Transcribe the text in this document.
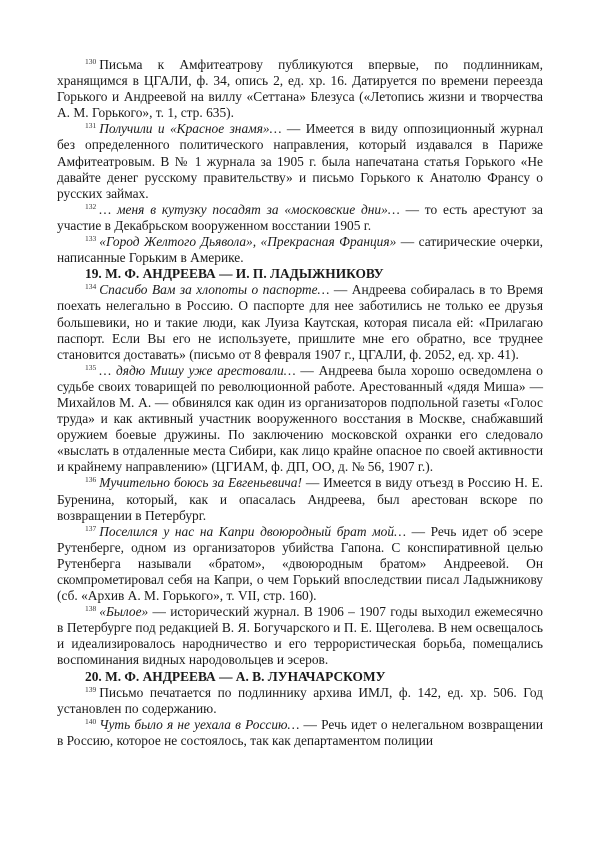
$^{130}$ Письма к Амфитеатрову публикуются впервые, по подлинникам, хранящимся в ЦГАЛИ, ф. 34, опись 2, ед. хр. 16. Датируется по времени переезда Горького и Андреевой на виллу «Сеттана» Блезуса («Летопись жизни и творчества А. М. Горького», т. 1, стр. 635).

$^{131}$ Получили и «Красное знамя»… — Имеется в виду оппозиционный журнал без определенного политического направления, который издавался в Париже Амфитеатровым. В № 1 журнала за 1905 г. была напечатана статья Горького «Не давайте денег русскому правительству» и письмо Горького к Анатолю Франсу о русских займах.

$^{132}$ … меня в кутузку посадят за «московские дни»… — то есть арестуют за участие в Декабрьском вооруженном восстании 1905 г.

$^{133}$ «Город Желтого Дьявола», «Прекрасная Франция» — сатирические очерки, написанные Горьким в Америке.

19. М. Ф. АНДРЕЕВА — И. П. ЛАДЫЖНИКОВУ

$^{134}$ Спасибо Вам за хлопоты о паспорте… — Андреева собиралась в то Время поехать нелегально в Россию. О паспорте для нее заботились не только ее друзья большевики, но и такие люди, как Луиза Каутская, которая писала ей: «Прилагаю паспорт. Если Вы его не используете, пришлите мне его обратно, все труднее становится доставать» (письмо от 8 февраля 1907 г., ЦГАЛИ, ф. 2052, ед. хр. 41).

$^{135}$ … дядю Мишу уже арестовали… — Андреева была хорошо осведомлена о судьбе своих товарищей по революционной работе. Арестованный «дядя Миша» — Михайлов М. А. — обвинялся как один из организаторов подпольной газеты «Голос труда» и как активный участник вооруженного восстания в Москве, снабжавший оружием боевые дружины. По заключению московской охранки его следовало «выслать в отдаленные места Сибири, как лицо крайне опасное по своей активности и крайнему направлению» (ЦГИАМ, ф. ДП, ОО, д. № 56, 1907 г.).

$^{136}$ Мучительно боюсь за Евгеньевича! — Имеется в виду отъезд в Россию Н. Е. Буренина, который, как и опасалась Андреева, был арестован вскоре по возвращении в Петербург.

$^{137}$ Поселился у нас на Капри двоюродный брат мой… — Речь идет об эсере Рутенберге, одном из организаторов убийства Гапона. С конспиративной целью Рутенберга называли «братом», «двоюродным братом» Андреевой. Он скомпрометировал себя на Капри, о чем Горький впоследствии писал Ладыжникову (сб. «Архив А. М. Горького», т. VII, стр. 160).

$^{138}$ «Былое» — исторический журнал. В 1906 – 1907 годы выходил ежемесячно в Петербурге под редакцией В. Я. Богучарского и П. Е. Щеголева. В нем освещалось и идеализировалось народничество и его террористическая борьба, помещались воспоминания видных народовольцев и эсеров.

20. М. Ф. АНДРЕЕВА — А. В. ЛУНАЧАРСКОМУ

$^{139}$ Письмо печатается по подлиннику архива ИМЛ, ф. 142, ед. хр. 506. Год установлен по содержанию.

$^{140}$ Чуть было я не уехала в Россию… — Речь идет о нелегальном возвращении в Россию, которое не состоялось, так как департаментом полиции
